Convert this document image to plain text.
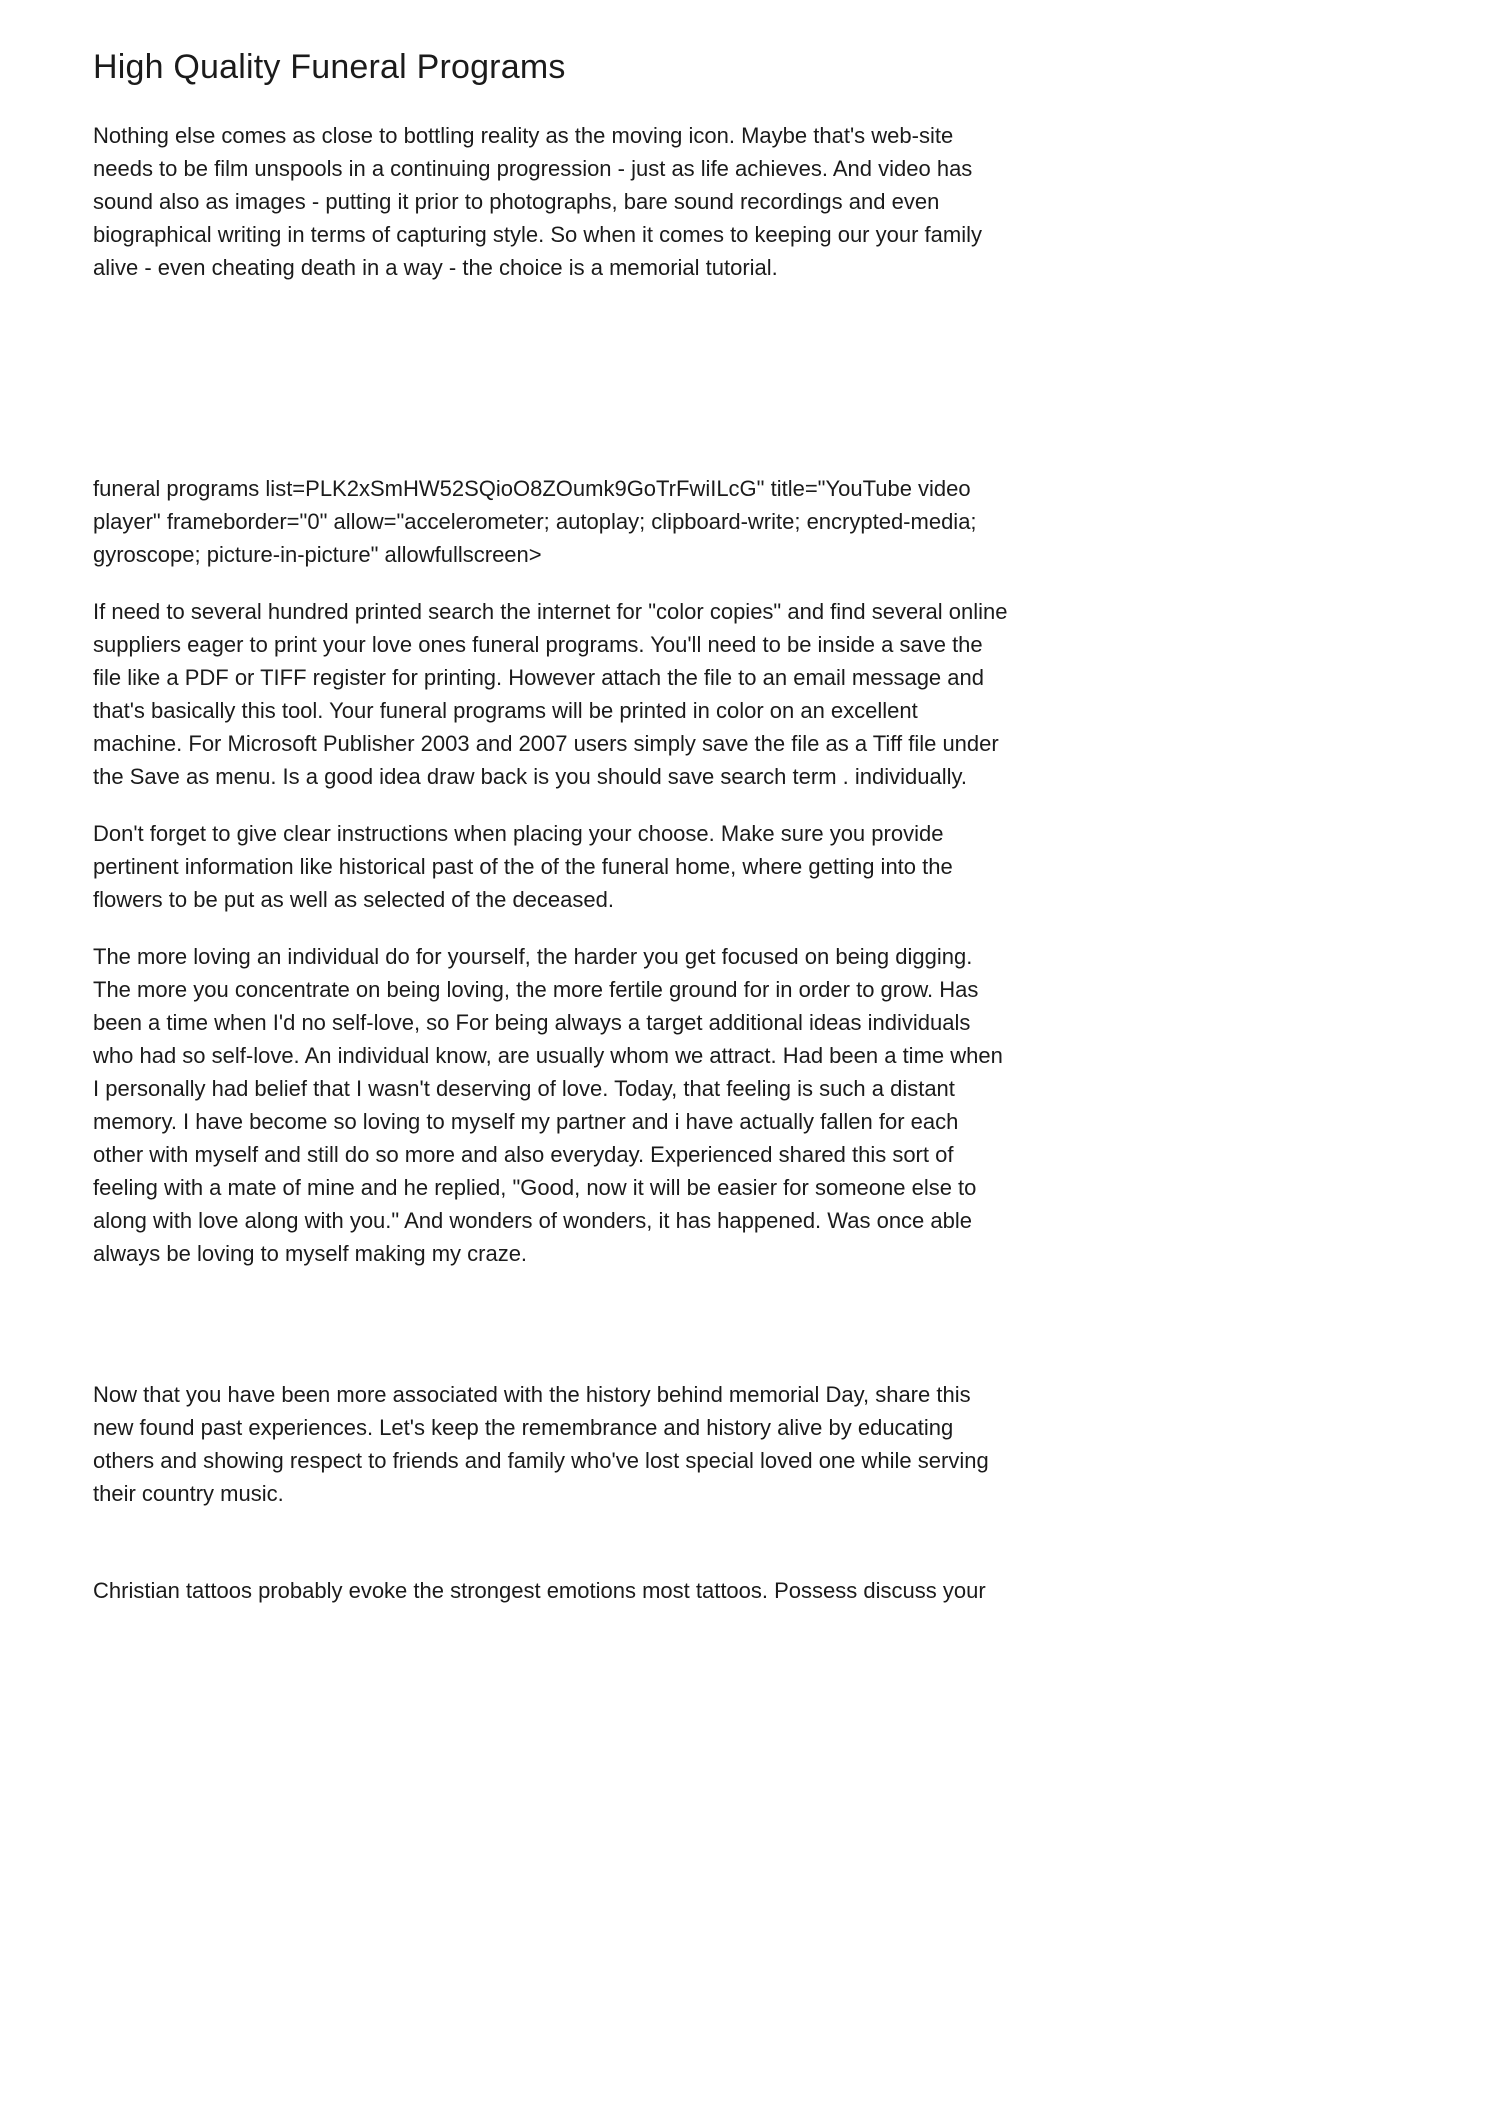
High Quality Funeral Programs

Nothing else comes as close to bottling reality as the moving icon. Maybe that's web-site needs to be film unspools in a continuing progression - just as life achieves. And video has sound also as images - putting it prior to photographs, bare sound recordings and even biographical writing in terms of capturing style. So when it comes to keeping our your family alive - even cheating death in a way - the choice is a memorial tutorial.

funeral programs list=PLK2xSmHW52SQioO8ZOumk9GoTrFwiILcG" title="YouTube video player" frameborder="0" allow="accelerometer; autoplay; clipboard-write; encrypted-media; gyroscope; picture-in-picture" allowfullscreen>

If need to several hundred printed search the internet for "color copies" and find several online suppliers eager to print your love ones funeral programs. You'll need to be inside a save the file like a PDF or TIFF register for printing. However attach the file to an email message and that's basically this tool. Your funeral programs will be printed in color on an excellent machine. For Microsoft Publisher 2003 and 2007 users simply save the file as a Tiff file under the Save as menu. Is a good idea draw back is you should save search term . individually.

Don't forget to give clear instructions when placing your choose. Make sure you provide pertinent information like historical past of the of the funeral home, where getting into the flowers to be put as well as selected of the deceased.

The more loving an individual do for yourself, the harder you get focused on being digging. The more you concentrate on being loving, the more fertile ground for in order to grow. Has been a time when I'd no self-love, so For being always a target additional ideas individuals who had so self-love. An individual know, are usually whom we attract. Had been a time when I personally had belief that I wasn't deserving of love. Today, that feeling is such a distant memory. I have become so loving to myself my partner and i have actually fallen for each other with myself and still do so more and also everyday. Experienced shared this sort of feeling with a mate of mine and he replied, "Good, now it will be easier for someone else to along with love along with you." And wonders of wonders, it has happened. Was once able always be loving to myself making my craze.

Now that you have been more associated with the history behind memorial Day, share this new found past experiences. Let's keep the remembrance and history alive by educating others and showing respect to friends and family who've lost special loved one while serving their country music.

Christian tattoos probably evoke the strongest emotions most tattoos. Possess discuss your
